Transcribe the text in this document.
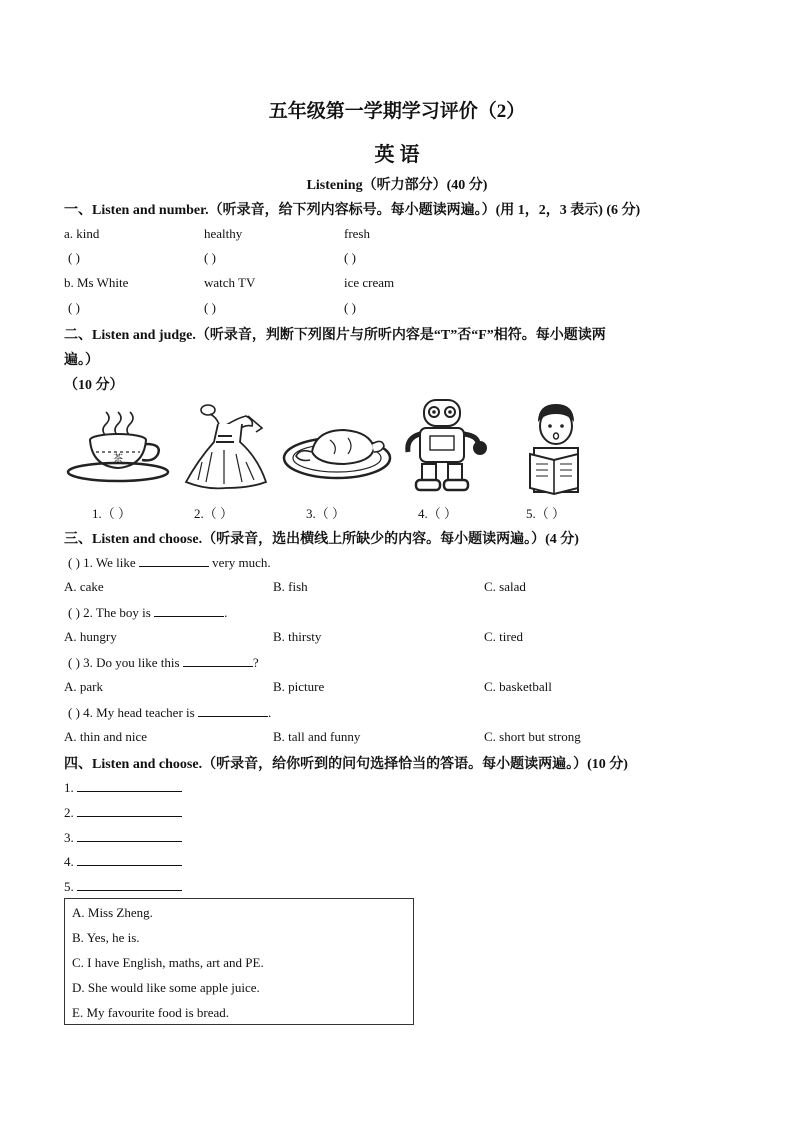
五年级第一学期学习评价（2）
英 语
Listening（听力部分）(40 分)
一、Listen and number.（听录音，给下列内容标号。每小题读两遍。）(用 1，2，3 表示) (6 分)
a. kind	healthy	fresh
( )	( )	( )
b. Ms White	watch TV	ice cream
( )	( )	( )
二、Listen and judge.（听录音，判断下列图片与所听内容是“T”否“F”相符。每小题读两
遍。）
（10 分）
茶
1.（ ）	2.（ ）	3.（ ）	4.（ ）	5.（ ）
三、Listen and choose.（听录音，选出横线上所缺少的内容。每小题读两遍。）(4 分)
( ) 1. We like	very much.
A. cake	B. fish	C. salad
( ) 2. The boy is	.
A. hungry	B. thirsty	C. tired
( ) 3. Do you like this	?
A. park	B. picture	C. basketball
( ) 4. My head teacher is	.
A. thin and nice	B. tall and funny	C. short but strong
四、Listen and choose.（听录音，给你听到的问句选择恰当的答语。每小题读两遍。）(10 分)
1.
2.
3.
4.
5.
A. Miss Zheng.
B. Yes, he is.
C. I have English, maths, art and PE.
D. She would like some apple juice.
E. My favourite food is bread.
